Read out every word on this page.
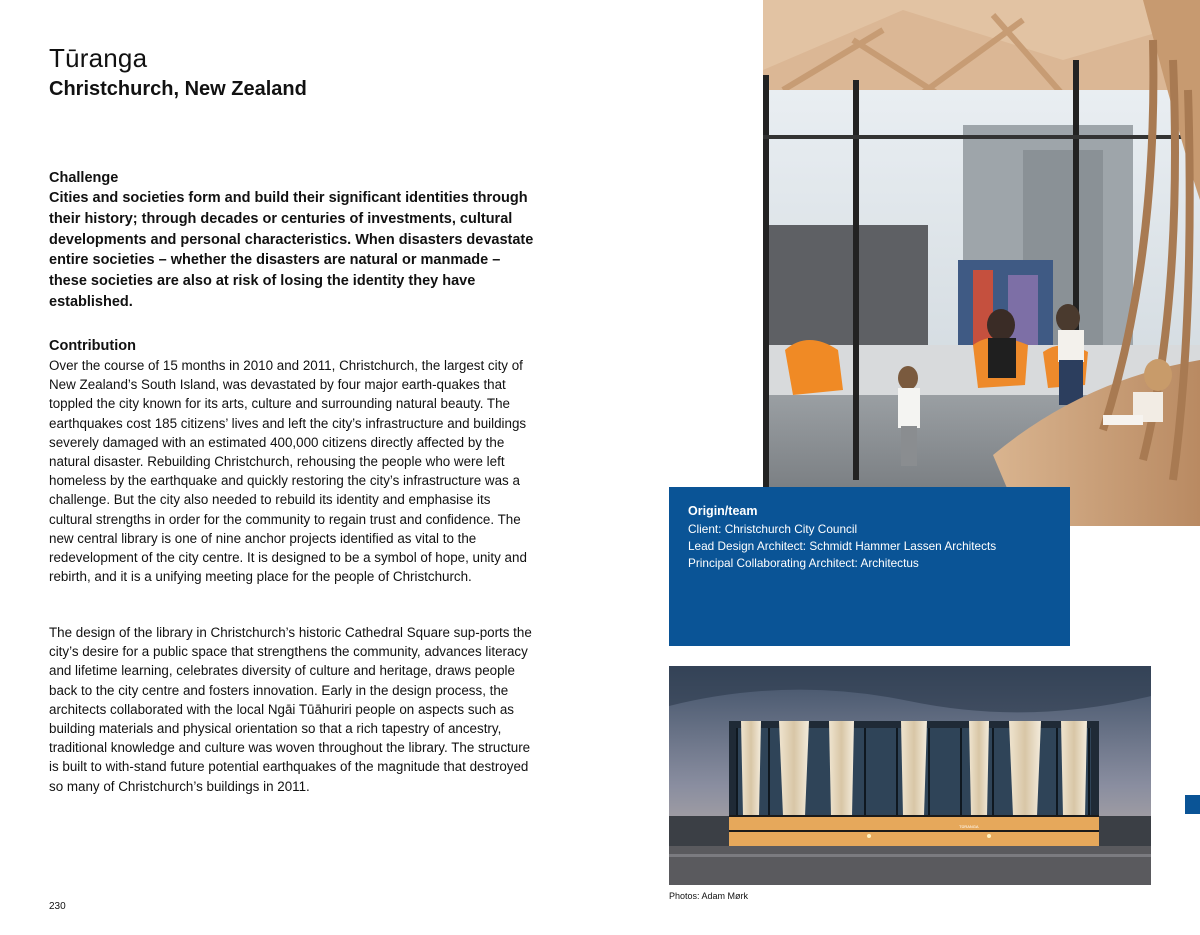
Tūranga
Christchurch, New Zealand
Challenge

Cities and societies form and build their significant identities through their history; through decades or centuries of investments, cultural developments and personal characteristics. When disasters devastate entire societies – whether the disasters are natural or manmade – these societies are also at risk of losing the identity they have established.

Contribution

Over the course of 15 months in 2010 and 2011, Christchurch, the largest city of New Zealand’s South Island, was devastated by four major earth-quakes that toppled the city known for its arts, culture and surrounding natural beauty. The earthquakes cost 185 citizens’ lives and left the city’s infrastructure and buildings severely damaged with an estimated 400,000 citizens directly affected by the natural disaster. Rebuilding Christchurch, rehousing the people who were left homeless by the earthquake and quickly restoring the city’s infrastructure was a challenge. But the city also needed to rebuild its identity and emphasise its cultural strengths in order for the community to regain trust and confidence. The new central library is one of nine anchor projects identified as vital to the redevelopment of the city centre. It is designed to be a symbol of hope, unity and rebirth, and it is a unifying meeting place for the people of Christchurch.

The design of the library in Christchurch’s historic Cathedral Square sup-ports the city’s desire for a public space that strengthens the community, advances literacy and lifetime learning, celebrates diversity of culture and heritage, draws people back to the city centre and fosters innovation. Early in the design process, the architects collaborated with the local Ngāi Tūāhuriri people on aspects such as building materials and physical orientation so that a rich tapestry of ancestry, traditional knowledge and culture was woven throughout the library. The structure is built to with-stand future potential earthquakes of the magnitude that destroyed so many of Christchurch’s buildings in 2011.

230
Origin/team
Client: Christchurch City Council
Lead Design Architect: Schmidt Hammer Lassen Architects
Principal Collaborating Architect: Architectus
TŪRANGA
Photos: Adam Mørk
